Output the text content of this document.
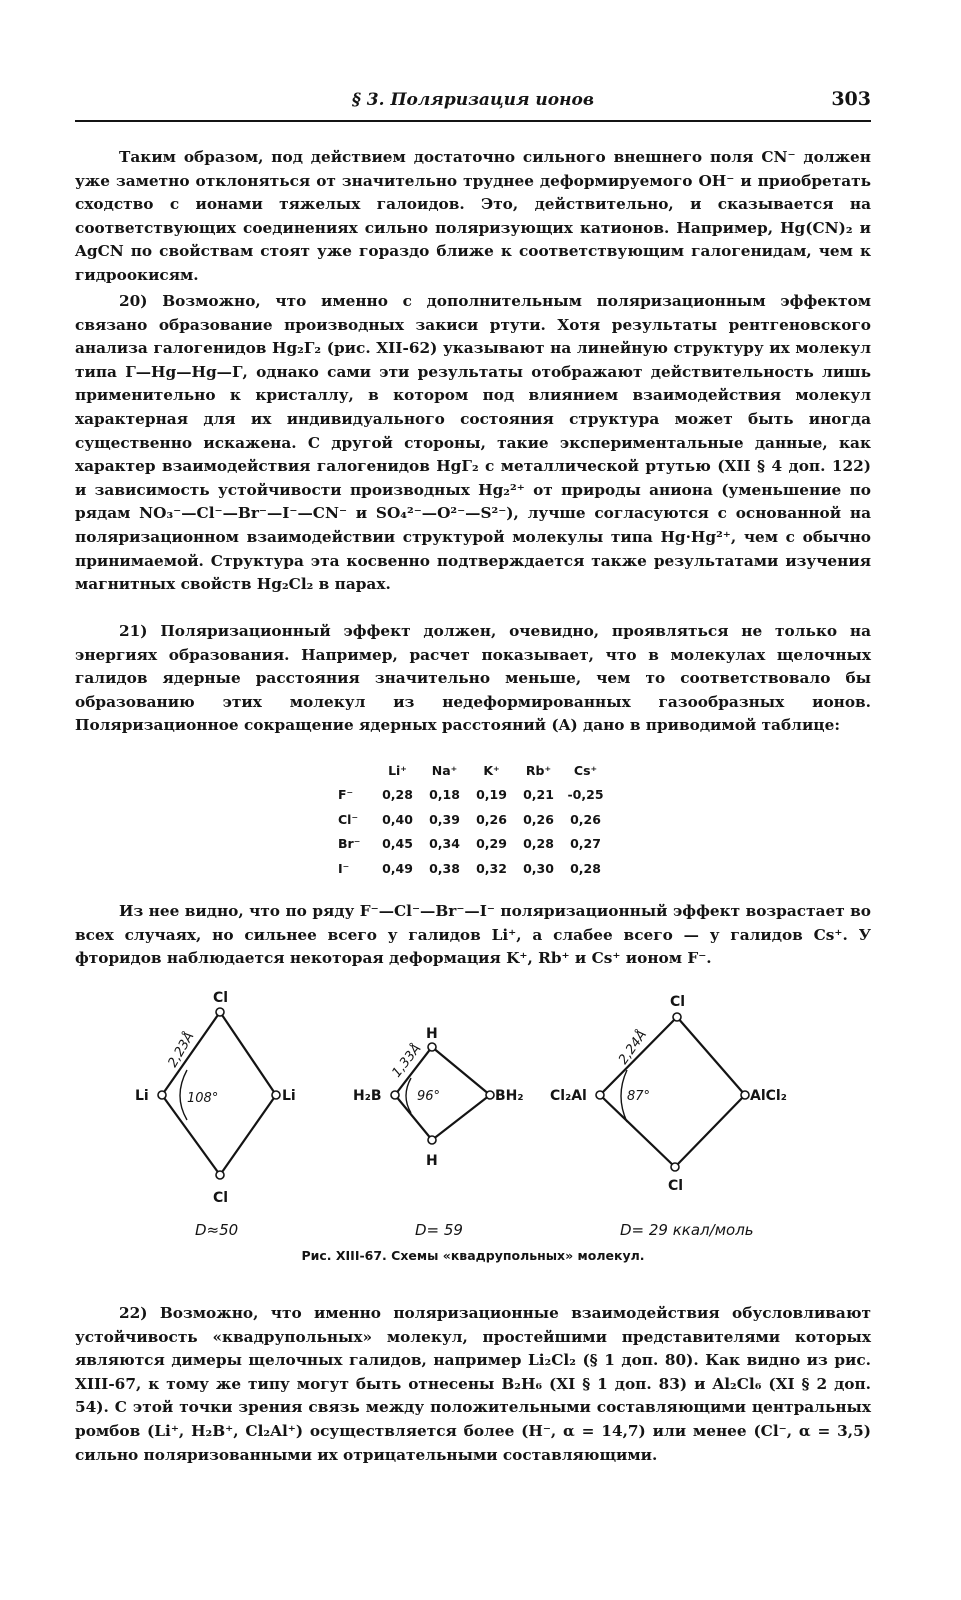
§ 3. Поляризация ионов	303
Таким образом, под действием достаточно сильного внешнего поля CN⁻ должен уже заметно отклоняться от значительно труднее деформируемого OH⁻ и приобретать сходство с ионами тяжелых галоидов. Это, действительно, и сказывается на соответствующих соединениях сильно поляризующих катионов. Например, Hg(CN)₂ и AgCN по свойствам стоят уже гораздо ближе к соответствующим галогенидам, чем к гидроокисям.
20) Возможно, что именно с дополнительным поляризационным эффектом связано образование производных закиси ртути. Хотя результаты рентгеновского анализа галогенидов Hg₂Г₂ (рис. XII-62) указывают на линейную структуру их молекул типа Г—Hg—Hg—Г, однако сами эти результаты отображают действительность лишь применительно к кристаллу, в котором под влиянием взаимодействия молекул характерная для их индивидуального состояния структура может быть иногда существенно искажена. С другой стороны, такие экспериментальные данные, как характер взаимодействия галогенидов HgГ₂ с металлической ртутью (XII § 4 доп. 122) и зависимость устойчивости производных Hg₂²⁺ от природы аниона (уменьшение по рядам NO₃⁻—Cl⁻—Br⁻—I⁻—CN⁻ и SO₄²⁻—O²⁻—S²⁻), лучше согласуются с основанной на поляризационном взаимодействии структурой молекулы типа Hg·Hg²⁺, чем с обычно принимаемой. Структура эта косвенно подтверждается также результатами изучения магнитных свойств Hg₂Cl₂ в парах.
21) Поляризационный эффект должен, очевидно, проявляться не только на энергиях образования. Например, расчет показывает, что в молекулах щелочных галидов ядерные расстояния значительно меньше, чем то соответствовало бы образованию этих молекул из недеформированных газообразных ионов. Поляризационное сокращение ядерных расстояний (A) дано в приводимой таблице:
	Li⁺	Na⁺	K⁺	Rb⁺	Cs⁺
F⁻	0,28	0,18	0,19	0,21	-0,25
Cl⁻	0,40	0,39	0,26	0,26	0,26
Br⁻	0,45	0,34	0,29	0,28	0,27
I⁻	0,49	0,38	0,32	0,30	0,28
Из нее видно, что по ряду F⁻—Cl⁻—Br⁻—I⁻ поляризационный эффект возрастает во всех случаях, но сильнее всего у галидов Li⁺, а слабее всего — у галидов Cs⁺. У фторидов наблюдается некоторая деформация K⁺, Rb⁺ и Cs⁺ ионом F⁻.
Cl
Cl
Li	Li
2,23Å
108°
D≈50
H
H
H₂B	BH₂
1,33Å
96°
D= 59
Cl
Cl
Cl₂Al	AlCl₂
2,24Å
87°
D= 29 ккал/моль
Рис. XIII-67. Схемы «квадрупольных» молекул.
22) Возможно, что именно поляризационные взаимодействия обусловливают устойчивость «квадрупольных» молекул, простейшими представителями которых являются димеры щелочных галидов, например Li₂Cl₂ (§ 1 доп. 80). Как видно из рис. XIII-67, к тому же типу могут быть отнесены B₂H₆ (XI § 1 доп. 83) и Al₂Cl₆ (XI § 2 доп. 54). С этой точки зрения связь между положительными составляющими центральных ромбов (Li⁺, H₂B⁺, Cl₂Al⁺) осуществляется более (H⁻, α = 14,7) или менее (Cl⁻, α = 3,5) сильно поляризованными их отрицательными составляющими.
